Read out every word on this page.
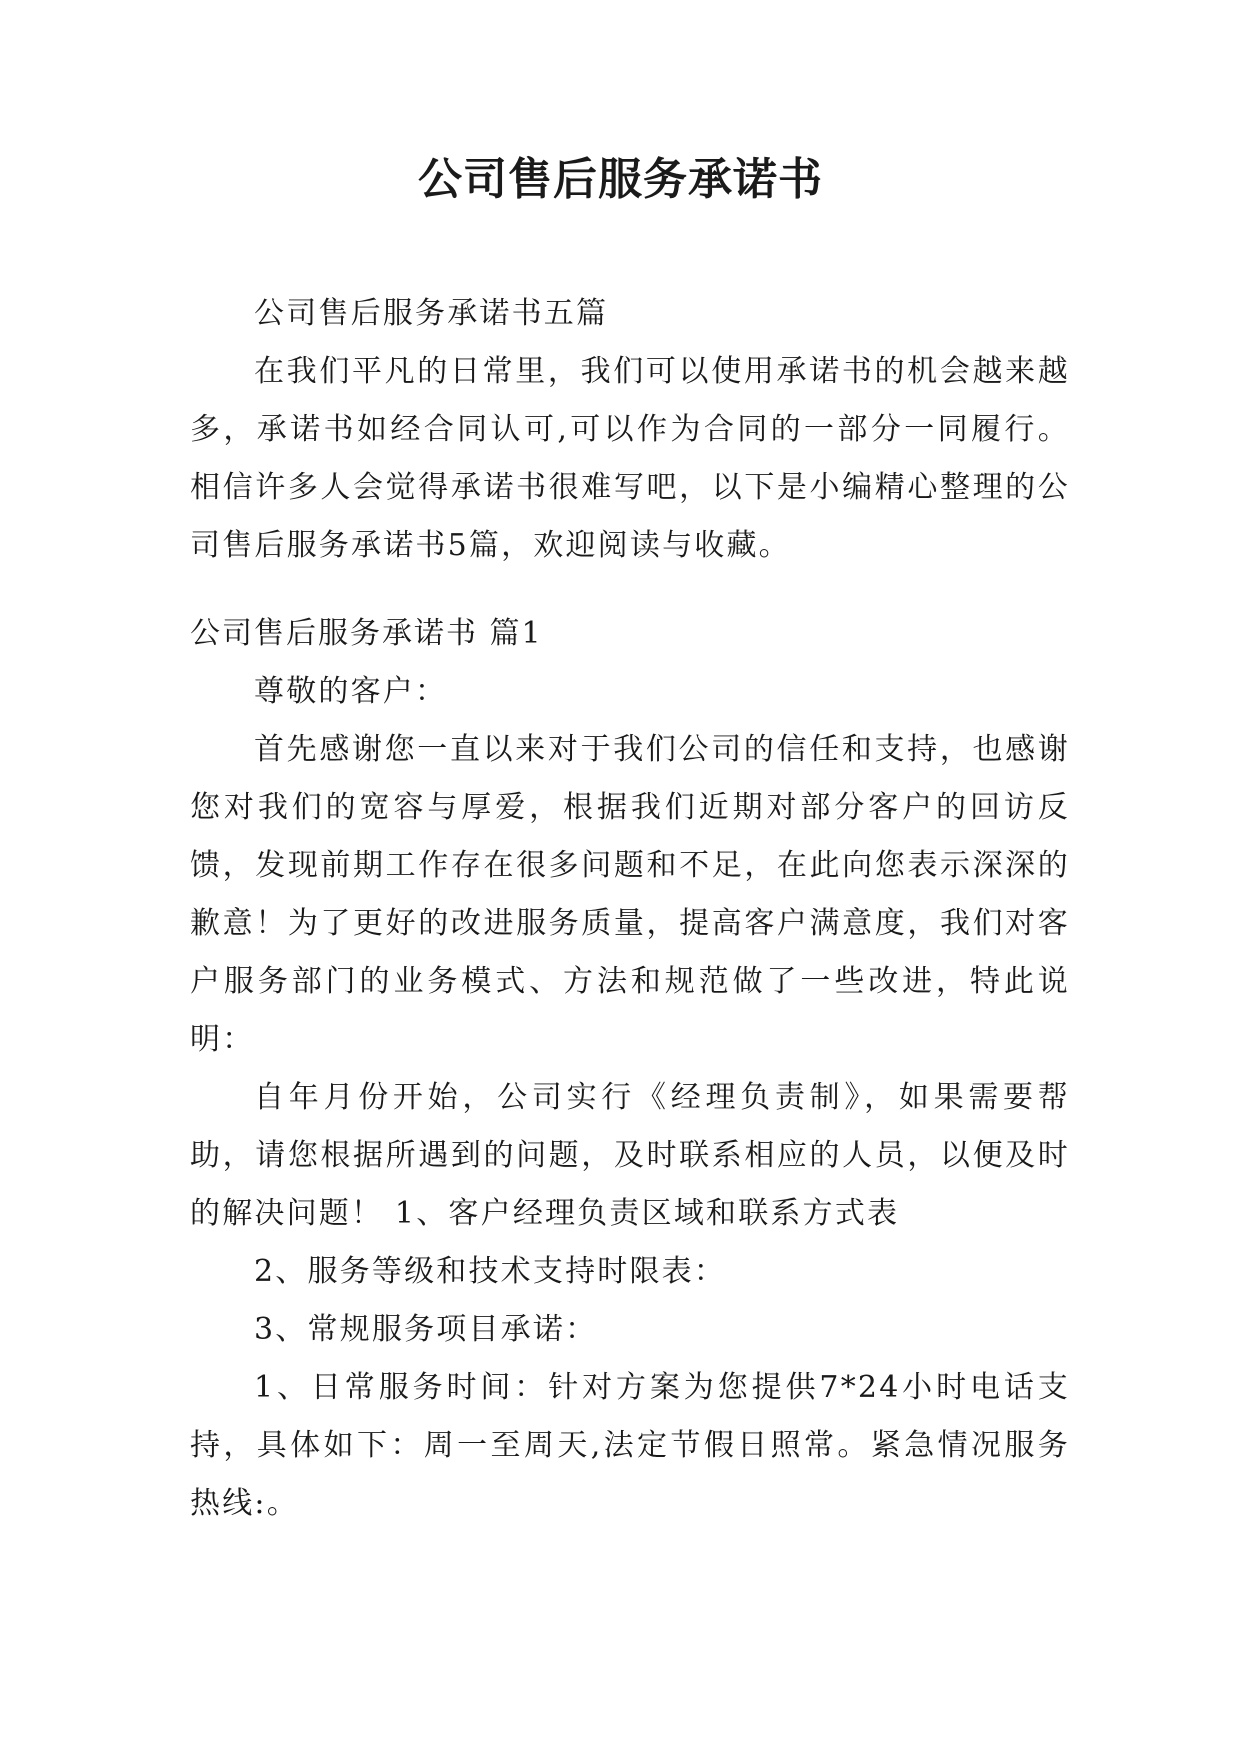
公司售后服务承诺书

公司售后服务承诺书五篇

在我们平凡的日常里，我们可以使用承诺书的机会越来越多，承诺书如经合同认可,可以作为合同的一部分一同履行。相信许多人会觉得承诺书很难写吧，以下是小编精心整理的公司售后服务承诺书5篇，欢迎阅读与收藏。

公司售后服务承诺书 篇1

尊敬的客户：

首先感谢您一直以来对于我们公司的信任和支持，也感谢您对我们的宽容与厚爱，根据我们近期对部分客户的回访反馈，发现前期工作存在很多问题和不足，在此向您表示深深的歉意！为了更好的改进服务质量，提高客户满意度，我们对客户服务部门的业务模式、方法和规范做了一些改进，特此说明：

自年月份开始，公司实行《经理负责制》，如果需要帮助，请您根据所遇到的问题，及时联系相应的人员，以便及时的解决问题！ 1、客户经理负责区域和联系方式表

2、服务等级和技术支持时限表：

3、常规服务项目承诺：

1、日常服务时间：针对方案为您提供7*24小时电话支持，具体如下：周一至周天,法定节假日照常。紧急情况服务热线:。
